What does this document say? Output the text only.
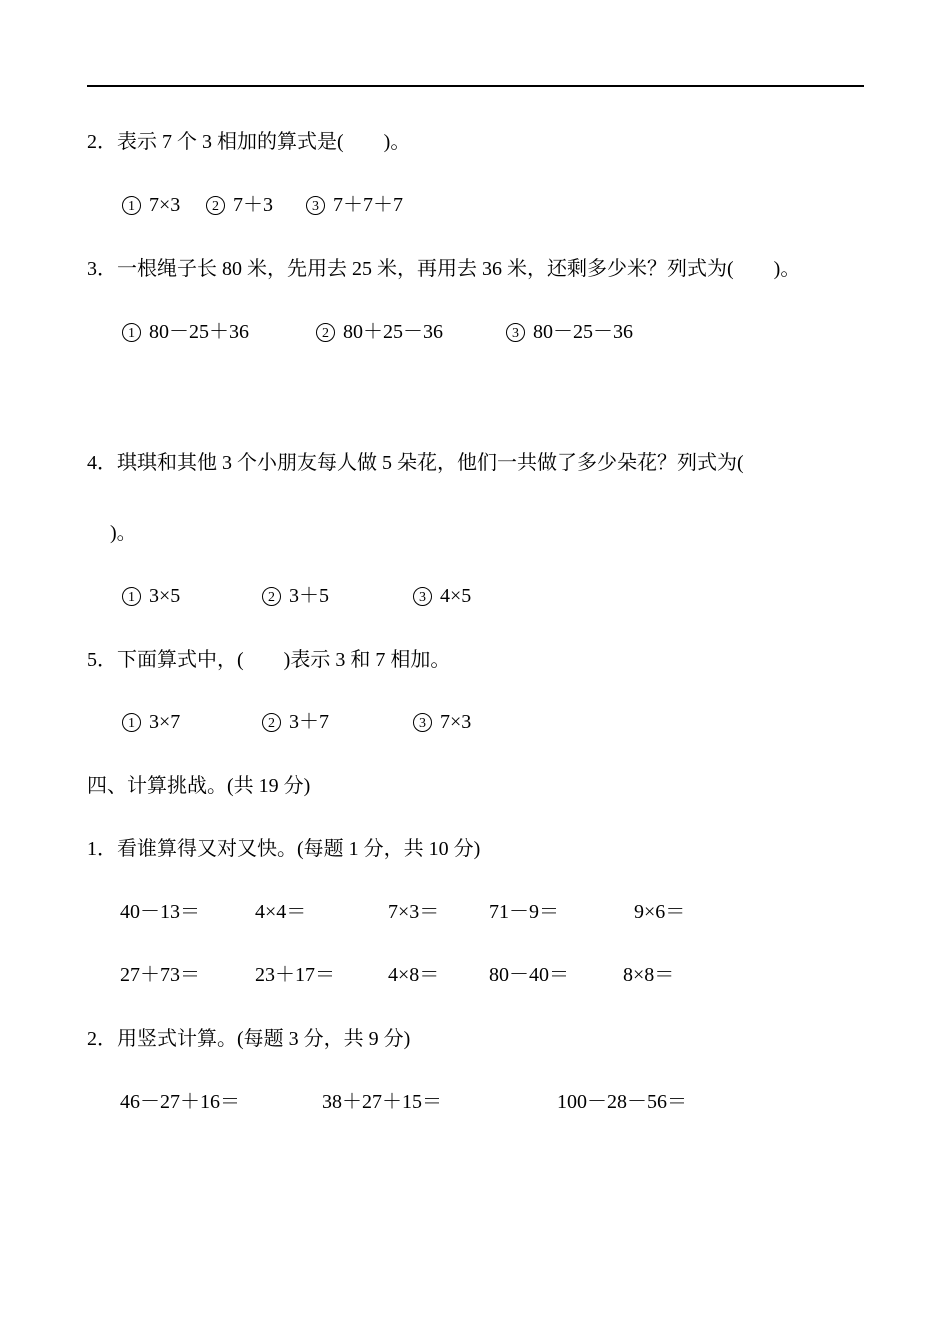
2．表示 7 个 3 相加的算式是(　　)。
1 7×3	2 7＋3	3 7＋7＋7
3．一根绳子长 80 米，先用去 25 米，再用去 36 米，还剩多少米？列式为(　　)。
1 80－25＋36	2 80＋25－36	3 80－25－36
4．琪琪和其他 3 个小朋友每人做 5 朵花，他们一共做了多少朵花？列式为(
)。
1 3×5	2 3＋5	3 4×5
5．下面算式中，(　　)表示 3 和 7 相加。
1 3×7	2 3＋7	3 7×3
四、计算挑战。(共 19 分)
1．看谁算得又对又快。(每题 1 分，共 10 分)
40－13＝	4×4＝	7×3＝ 71－9＝	9×6＝
27＋73＝	23＋17＝	4×8＝ 80－40＝	8×8＝
2．用竖式计算。(每题 3 分，共 9 分)
46－27＋16＝	38＋27＋15＝	100－28－56＝
